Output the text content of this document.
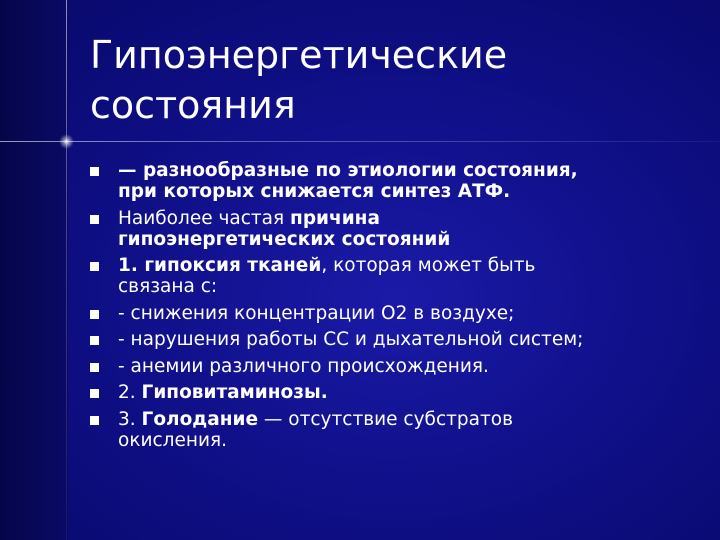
Гипоэнергетические
состояния
— разнообразные по этиологии состояния,
при которых снижается синтез АТФ.
Наиболее частая причина
гипоэнергетических состояний
1. гипоксия тканей, которая может быть
связана с:
- снижения концентрации О2 в воздухе;
- нарушения работы СС и дыхательной систем;
- анемии различного происхождения.
2. Гиповитаминозы.
3. Голодание — отсутствие субстратов
окисления.
